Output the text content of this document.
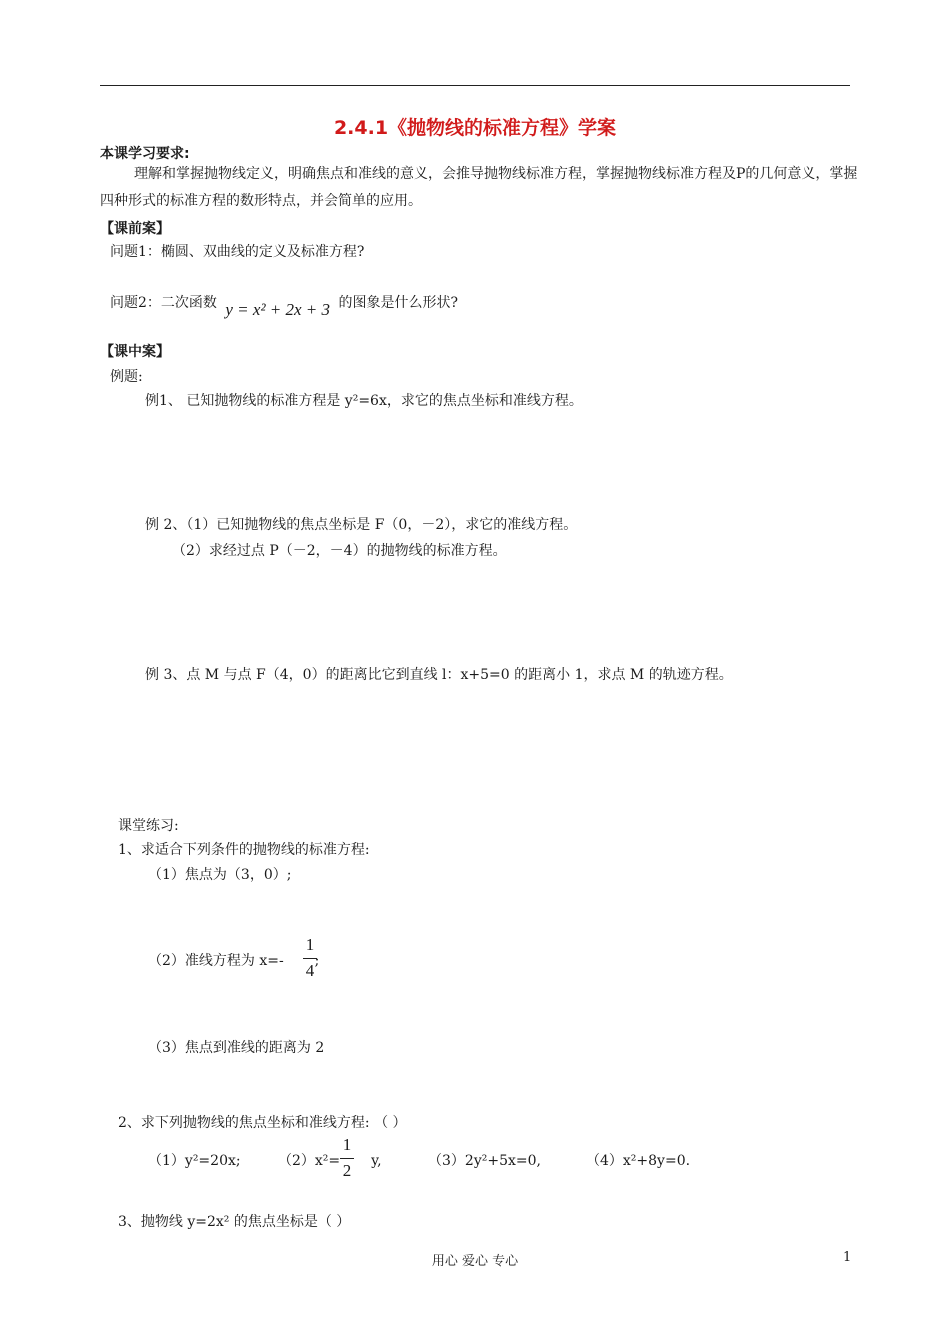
2.4.1《抛物线的标准方程》学案
本课学习要求:
理解和掌握抛物线定义，明确焦点和准线的意义，会推导抛物线标准方程，掌握抛物线标准方程及P的几何意义，掌握四种形式的标准方程的数形特点，并会简单的应用。
【课前案】
问题1：椭圆、双曲线的定义及标准方程?
问题2：二次函数 y = x² + 2x + 3 的图象是什么形状?
【课中案】
例题:
例1、 已知抛物线的标准方程是 y²=6x，求它的焦点坐标和准线方程。
例 2、（1）已知抛物线的焦点坐标是 F（0，－2），求它的准线方程。
（2）求经过点 P（－2，－4）的抛物线的标准方程。
例 3、点 M 与点 F（4，0）的距离比它到直线 l：x+5=0 的距离小 1，求点 M 的轨迹方程。
课堂练习:
1、求适合下列条件的抛物线的标准方程:
（1）焦点为（3，0）;
（2）准线方程为 x=- ;
1
4
（3）焦点到准线的距离为 2
2、求下列抛物线的焦点坐标和准线方程: （ ）
（1）y²=20x;	（2）x²= y,
1
2	（3）2y²+5x=0,	（4）x²+8y=0.
3、抛物线 y=2x² 的焦点坐标是（ ）
用心 爱心 专心	1
